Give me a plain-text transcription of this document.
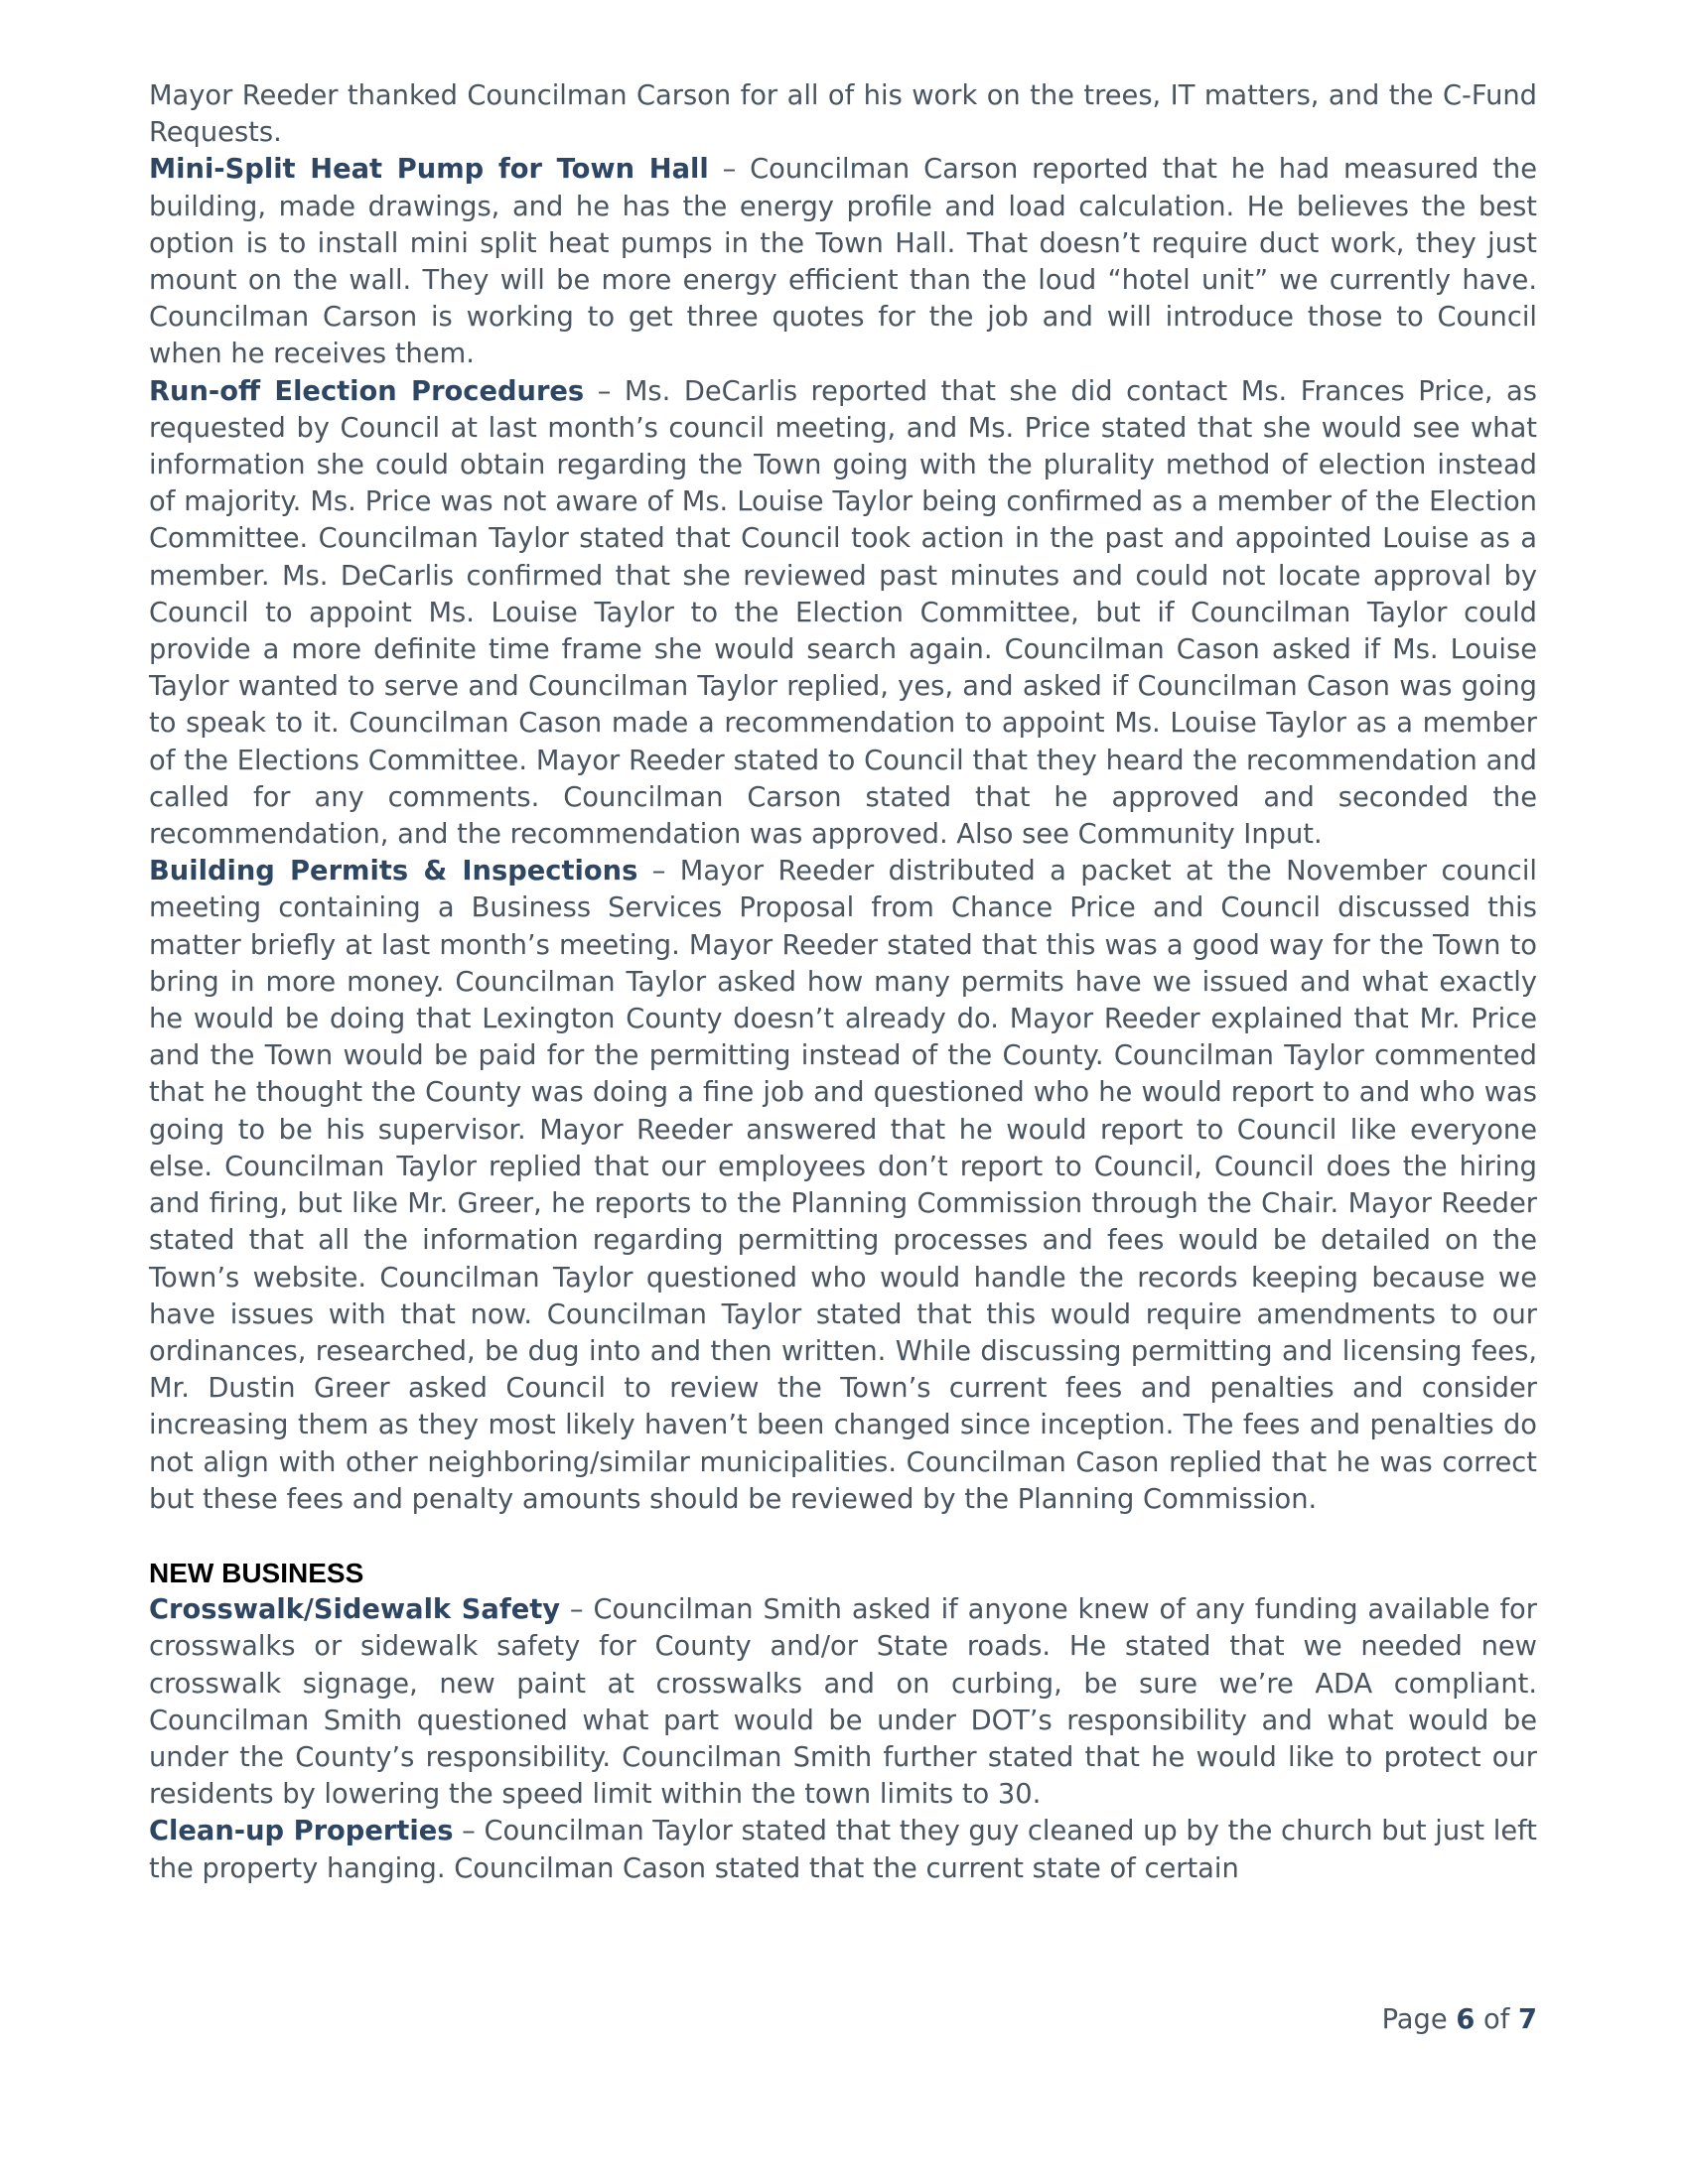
Mayor Reeder thanked Councilman Carson for all of his work on the trees, IT matters, and the C-Fund Requests.

Mini-Split Heat Pump for Town Hall – Councilman Carson reported that he had measured the building, made drawings, and he has the energy profile and load calculation. He believes the best option is to install mini split heat pumps in the Town Hall. That doesn’t require duct work, they just mount on the wall. They will be more energy efficient than the loud “hotel unit” we currently have. Councilman Carson is working to get three quotes for the job and will introduce those to Council when he receives them.

Run-off Election Procedures – Ms. DeCarlis reported that she did contact Ms. Frances Price, as requested by Council at last month’s council meeting, and Ms. Price stated that she would see what information she could obtain regarding the Town going with the plurality method of election instead of majority. Ms. Price was not aware of Ms. Louise Taylor being confirmed as a member of the Election Committee. Councilman Taylor stated that Council took action in the past and appointed Louise as a member. Ms. DeCarlis confirmed that she reviewed past minutes and could not locate approval by Council to appoint Ms. Louise Taylor to the Election Committee, but if Councilman Taylor could provide a more definite time frame she would search again. Councilman Cason asked if Ms. Louise Taylor wanted to serve and Councilman Taylor replied, yes, and asked if Councilman Cason was going to speak to it. Councilman Cason made a recommendation to appoint Ms. Louise Taylor as a member of the Elections Committee. Mayor Reeder stated to Council that they heard the recommendation and called for any comments. Councilman Carson stated that he approved and seconded the recommendation, and the recommendation was approved. Also see Community Input.

Building Permits & Inspections – Mayor Reeder distributed a packet at the November council meeting containing a Business Services Proposal from Chance Price and Council discussed this matter briefly at last month’s meeting. Mayor Reeder stated that this was a good way for the Town to bring in more money. Councilman Taylor asked how many permits have we issued and what exactly he would be doing that Lexington County doesn’t already do. Mayor Reeder explained that Mr. Price and the Town would be paid for the permitting instead of the County. Councilman Taylor commented that he thought the County was doing a fine job and questioned who he would report to and who was going to be his supervisor. Mayor Reeder answered that he would report to Council like everyone else. Councilman Taylor replied that our employees don’t report to Council, Council does the hiring and firing, but like Mr. Greer, he reports to the Planning Commission through the Chair. Mayor Reeder stated that all the information regarding permitting processes and fees would be detailed on the Town’s website. Councilman Taylor questioned who would handle the records keeping because we have issues with that now. Councilman Taylor stated that this would require amendments to our ordinances, researched, be dug into and then written. While discussing permitting and licensing fees, Mr. Dustin Greer asked Council to review the Town’s current fees and penalties and consider increasing them as they most likely haven’t been changed since inception. The fees and penalties do not align with other neighboring/similar municipalities. Councilman Cason replied that he was correct but these fees and penalty amounts should be reviewed by the Planning Commission.

NEW BUSINESS

Crosswalk/Sidewalk Safety – Councilman Smith asked if anyone knew of any funding available for crosswalks or sidewalk safety for County and/or State roads. He stated that we needed new crosswalk signage, new paint at crosswalks and on curbing, be sure we’re ADA compliant. Councilman Smith questioned what part would be under DOT’s responsibility and what would be under the County’s responsibility. Councilman Smith further stated that he would like to protect our residents by lowering the speed limit within the town limits to 30.

Clean-up Properties – Councilman Taylor stated that they guy cleaned up by the church but just left the property hanging. Councilman Cason stated that the current state of certain

Page 6 of 7
